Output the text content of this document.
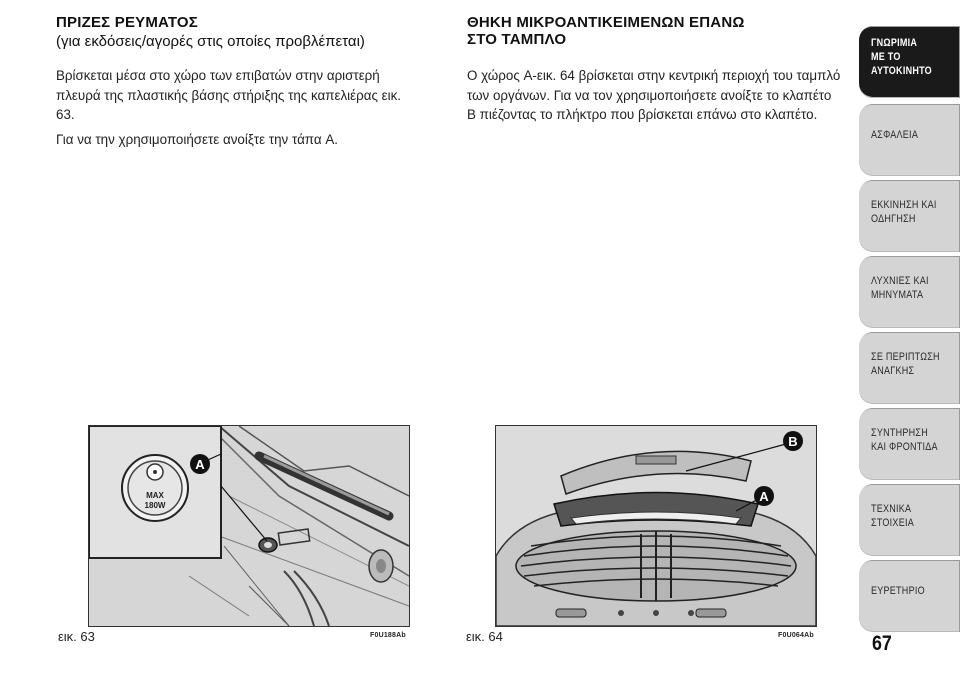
ΠΡΙΖΕΣ ΡΕΥΜΑΤΟΣ
(για εκδόσεις/αγορές στις οποίες προβλέπεται)

Βρίσκεται μέσα στο χώρο των επιβατών στην αριστερή πλευρά της πλαστικής βάσης στήριξης της καπελιέρας εικ. 63.

Για να την χρησιμοποιήσετε ανοίξτε την τάπα A.

ΘΗΚΗ ΜΙΚΡΟΑΝΤΙΚΕΙΜΕΝΩΝ ΕΠΑΝΩ
ΣΤΟ ΤΑΜΠΛΟ

Ο χώρος A-εικ. 64 βρίσκεται στην κεντρική περιοχή του ταμπλό των οργάνων. Για να τον χρησιμοποιήσετε ανοίξτε το κλαπέτο B πιέζοντας το πλήκτρο που βρίσκεται επάνω στο κλαπέτο.

MAX
180W
A
εικ. 63	F0U188Ab
B
A
εικ. 64	F0U064Ab
ΓΝΩΡΙΜΙΑ
ΜΕ ΤΟ
ΑΥΤΟΚΙΝΗΤΟ
ΑΣΦΑΛΕΙΑ
ΕΚΚΙΝΗΣΗ ΚΑΙ
ΟΔΗΓΗΣΗ
ΛΥΧΝΙΕΣ ΚΑΙ
ΜΗΝΥΜΑΤΑ
ΣΕ ΠΕΡΙΠΤΩΣΗ
ΑΝΑΓΚΗΣ
ΣΥΝΤΗΡΗΣΗ
ΚΑΙ ΦΡΟΝΤΙΔΑ
ΤΕΧΝΙΚΑ
ΣΤΟΙΧΕΙΑ
ΕΥΡΕΤΗΡΙΟ
67
